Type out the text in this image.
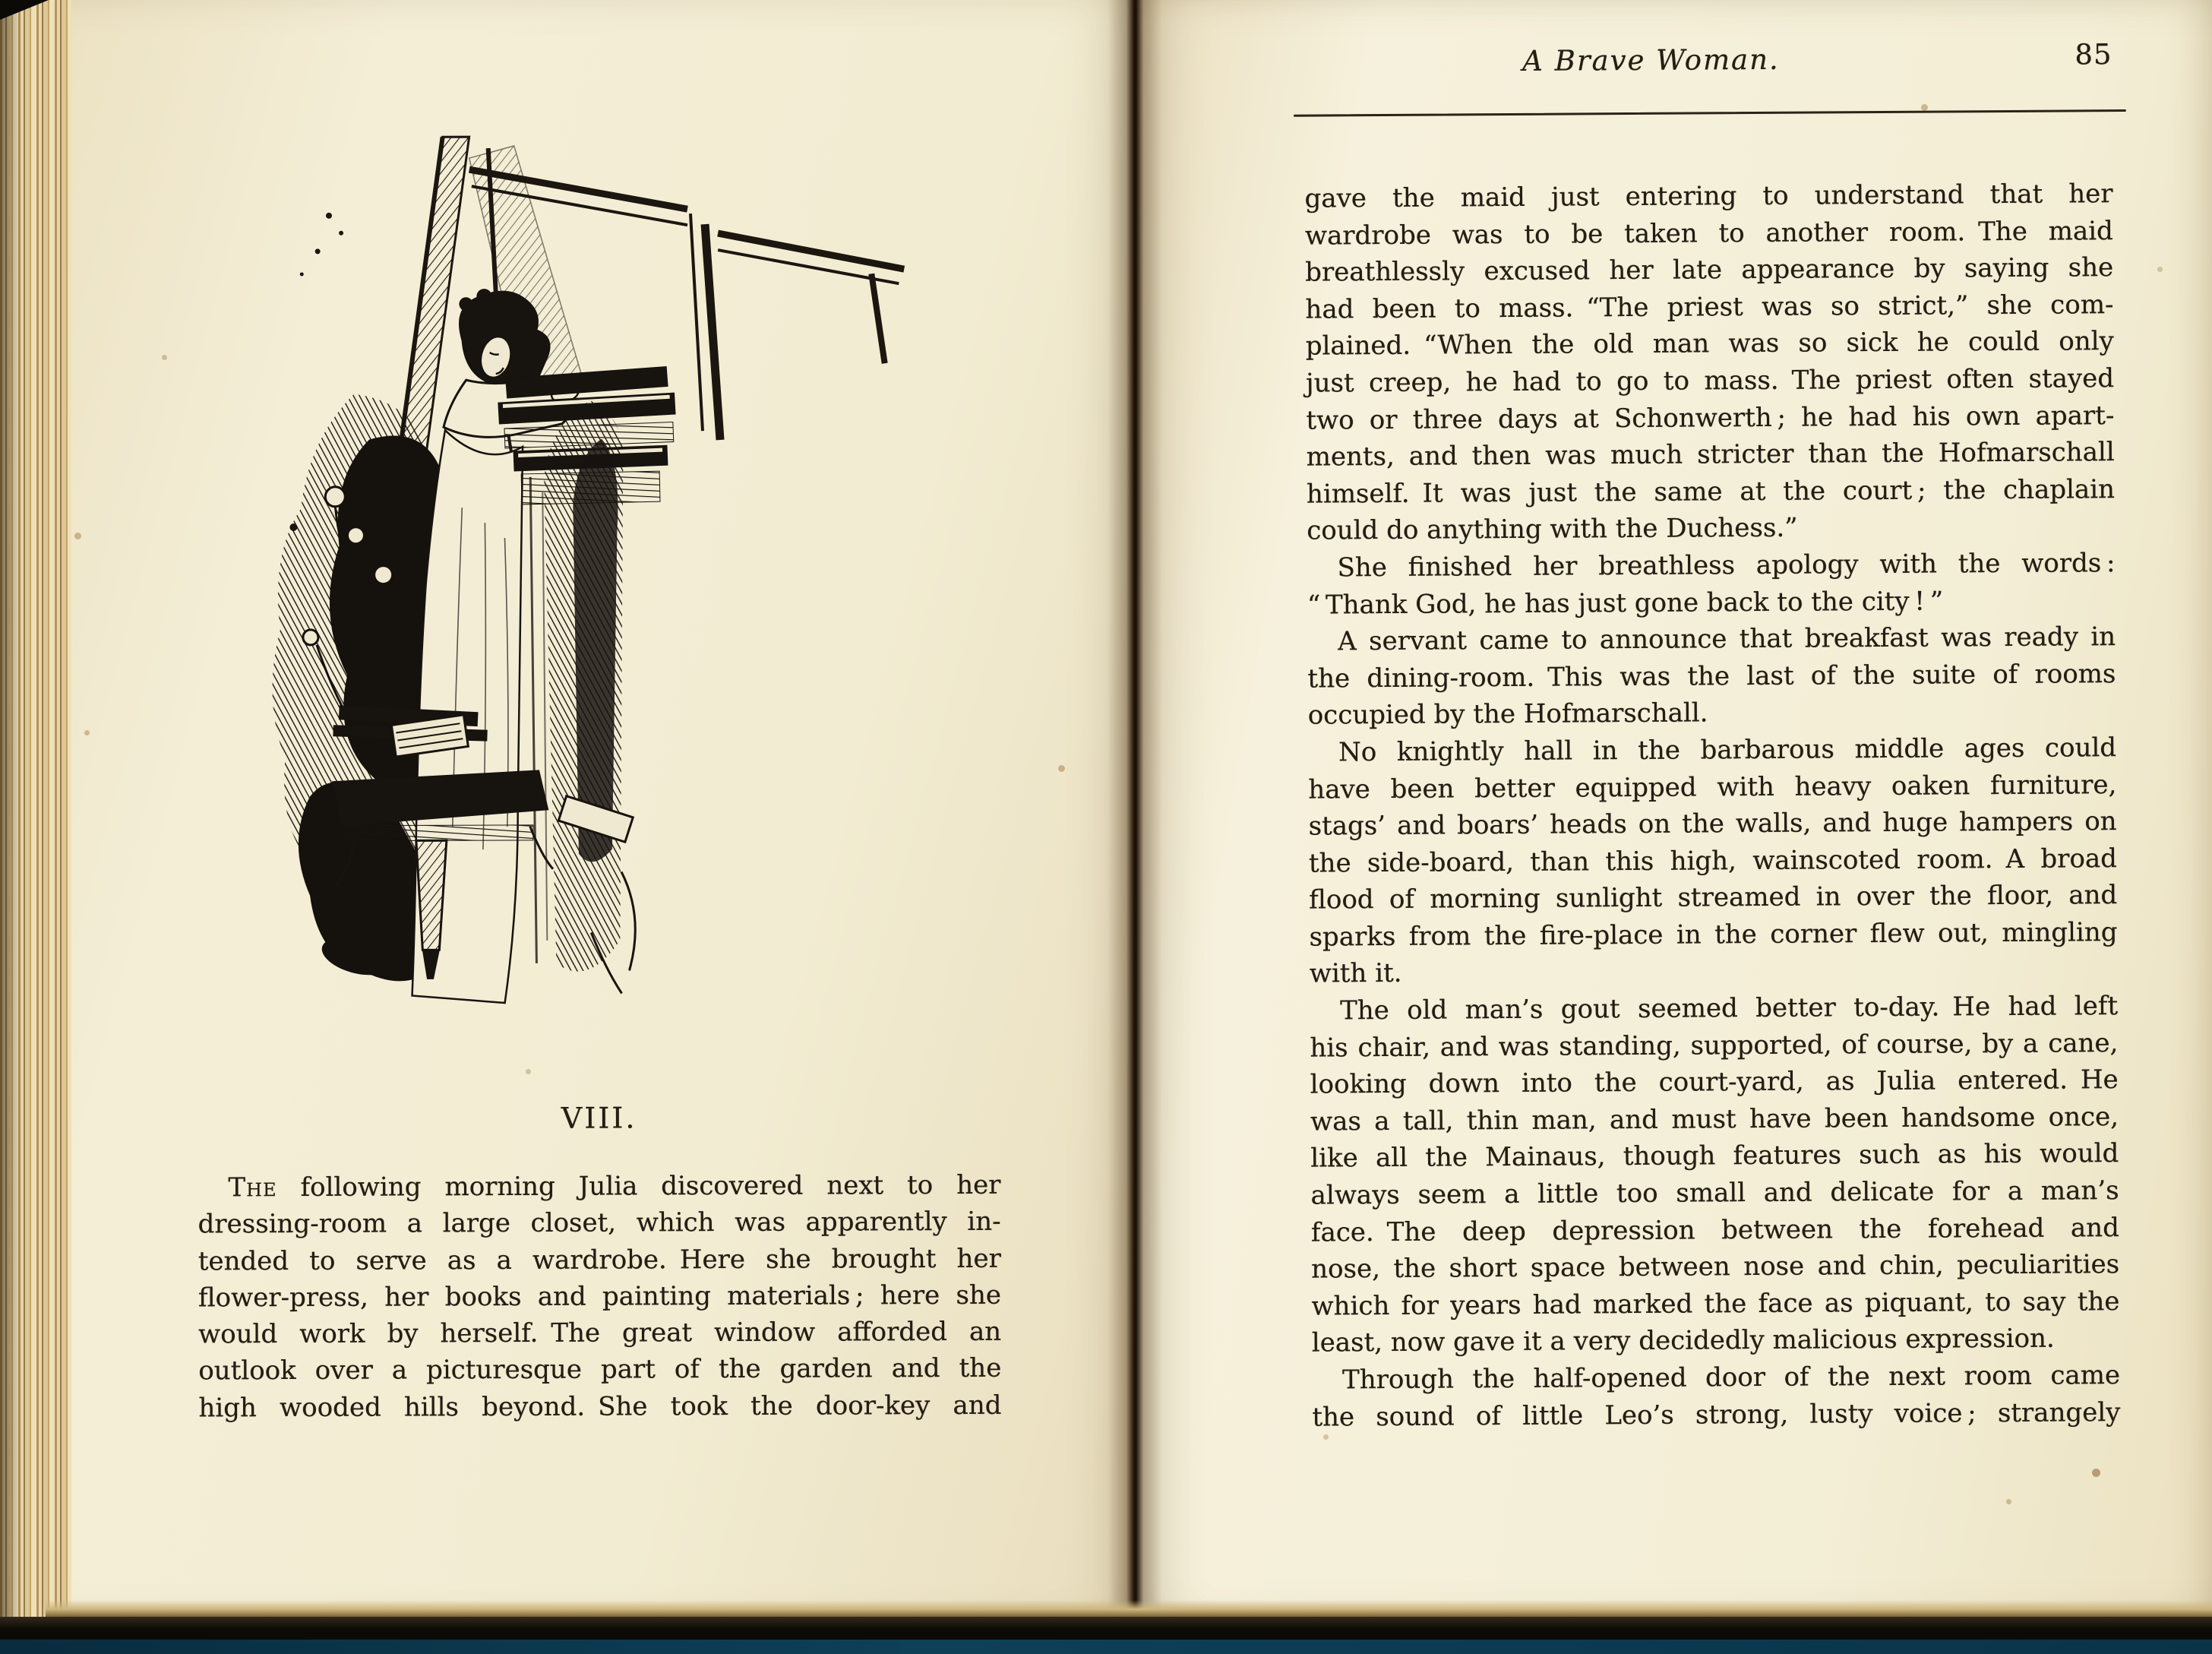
VIII.
The following morning Julia discovered next to her
dressing-room a large closet, which was apparently in-
tended to serve as a wardrobe. Here she brought her
flower-press, her books and painting materials ; here she
would work by herself. The great window afforded an
outlook over a picturesque part of the garden and the
high wooded hills beyond. She took the door-key and
A Brave Woman.	85
gave the maid just entering to understand that her
wardrobe was to be taken to another room. The maid
breathlessly excused her late appearance by saying she
had been to mass. “The priest was so strict,” she com-
plained. “When the old man was so sick he could only
just creep, he had to go to mass. The priest often stayed
two or three days at Schonwerth ; he had his own apart-
ments, and then was much stricter than the Hofmarschall
himself. It was just the same at the court ; the chaplain
could do anything with the Duchess.”
She finished her breathless apology with the words :
“ Thank God, he has just gone back to the city ! ”
A servant came to announce that breakfast was ready in
the dining-room. This was the last of the suite of rooms
occupied by the Hofmarschall.
No knightly hall in the barbarous middle ages could
have been better equipped with heavy oaken furniture,
stags’ and boars’ heads on the walls, and huge hampers on
the side-board, than this high, wainscoted room. A broad
flood of morning sunlight streamed in over the floor, and
sparks from the fire-place in the corner flew out, mingling
with it.
The old man’s gout seemed better to-day. He had left
his chair, and was standing, supported, of course, by a cane,
looking down into the court-yard, as Julia entered. He
was a tall, thin man, and must have been handsome once,
like all the Mainaus, though features such as his would
always seem a little too small and delicate for a man’s
face. The deep depression between the forehead and
nose, the short space between nose and chin, peculiarities
which for years had marked the face as piquant, to say the
least, now gave it a very decidedly malicious expression.
Through the half-opened door of the next room came
the sound of little Leo’s strong, lusty voice ; strangely
